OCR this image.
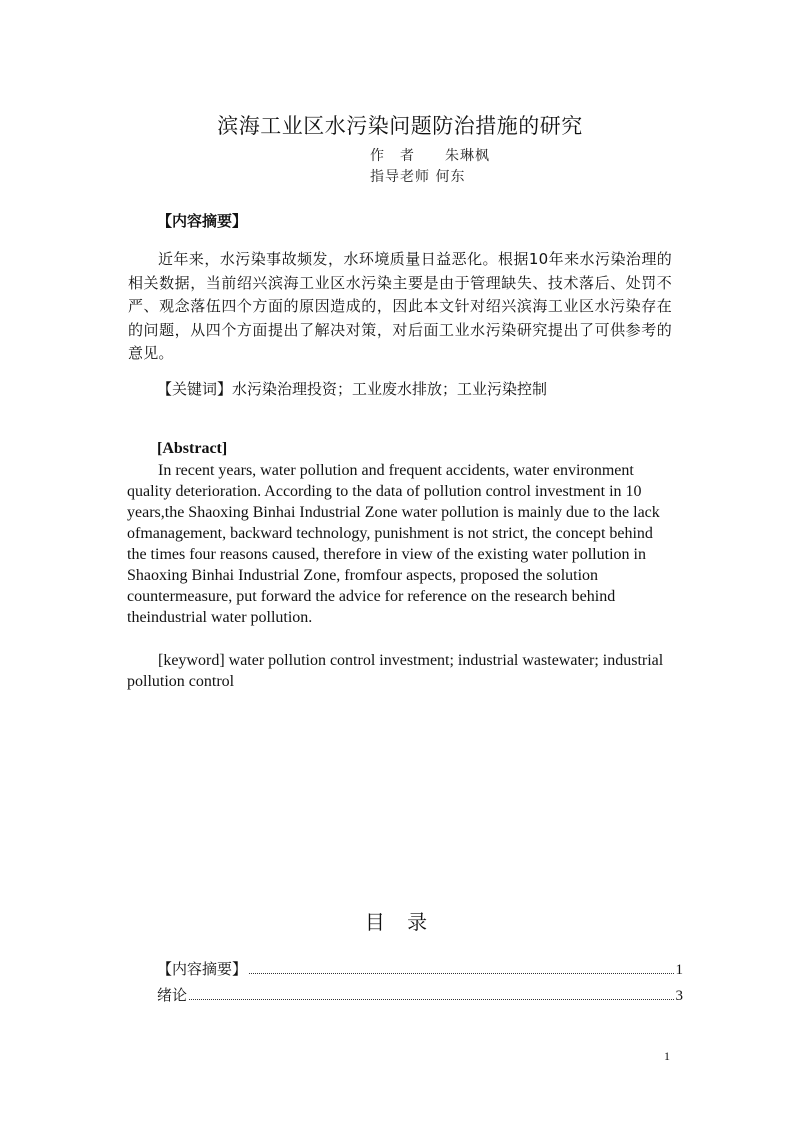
滨海工业区水污染问题防治措施的研究
作　者 朱琳枫
指导老师 何东
【内容摘要】

近年来，水污染事故频发，水环境质量日益恶化。根据10年来水污染治理的相关数据，当前绍兴滨海工业区水污染主要是由于管理缺失、技术落后、处罚不严、观念落伍四个方面的原因造成的，因此本文针对绍兴滨海工业区水污染存在的问题，从四个方面提出了解决对策，对后面工业水污染研究提出了可供参考的意见。

【关键词】水污染治理投资；工业废水排放；工业污染控制
[Abstract]

In recent years, water pollution and frequent accidents, water environment
quality deterioration. According to the data of pollution control investment in 10 years,the Shaoxing Binhai Industrial Zone water pollution is mainly due to the lack ofmanagement, backward technology, punishment is not strict, the concept behind the times four reasons caused, therefore in view of the existing water pollution in Shaoxing Binhai Industrial Zone, fromfour aspects, proposed the solution countermeasure, put forward the advice for reference on the research behind theindustrial water pollution.

[keyword] water pollution control investment; industrial wastewater; industrial pollution control

目 录
【内容摘要】	1
绪论	3
1
